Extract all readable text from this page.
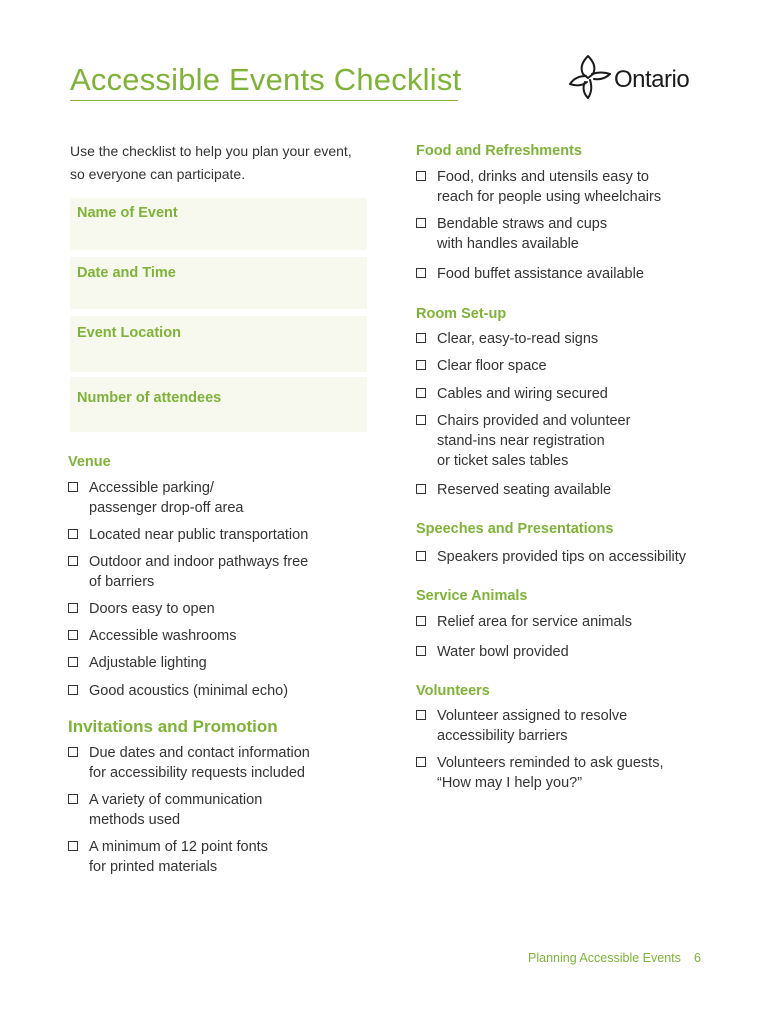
Accessible Events Checklist	Ontario
Use the checklist to help you plan your event,
so everyone can participate.
Name of Event
Date and Time
Event Location
Number of attendees
Venue
Accessible parking/
passenger drop-off area
Located near public transportation
Outdoor and indoor pathways free
of barriers
Doors easy to open
Accessible washrooms
Adjustable lighting
Good acoustics (minimal echo)
Invitations and Promotion
Due dates and contact information
for accessibility requests included
A variety of communication
methods used
A minimum of 12 point fonts
for printed materials
Food and Refreshments
Food, drinks and utensils easy to
reach for people using wheelchairs
Bendable straws and cups
with handles available
Food buffet assistance available
Room Set-up
Clear, easy-to-read signs
Clear floor space
Cables and wiring secured
Chairs provided and volunteer
stand-ins near registration
or ticket sales tables
Reserved seating available
Speeches and Presentations
Speakers provided tips on accessibility
Service Animals
Relief area for service animals
Water bowl provided
Volunteers
Volunteer assigned to resolve
accessibility barriers
Volunteers reminded to ask guests,
“How may I help you?”
Planning Accessible Events 6
